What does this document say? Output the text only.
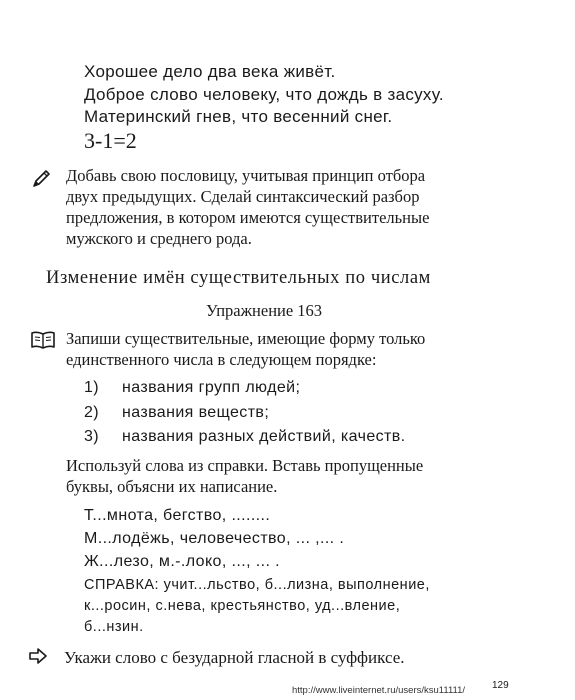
Хорошее дело два века живёт.
Доброе слово человеку, что дождь в засуху.
Материнский гнев, что весенний снег.
3-1=2
Добавь свою пословицу, учитывая принцип отбора
двух предыдущих. Сделай синтаксический разбор
предложения, в котором имеются существительные
мужского и среднего рода.
Изменение имён существительных по числам
Упражнение 163
Запиши существительные, имеющие форму только
единственного числа в следующем порядке:
1) названия групп людей;
2) названия веществ;
3) названия разных действий, качеств.
Используй слова из справки. Вставь пропущенные
буквы, объясни их написание.
Т...мнота, бегство, ........
М...лодёжь, человечество, ... ,... .
Ж...лезо, м.-.локо, ..., ... .
СПРАВКА: учит...льство, б...лизна, выполнение,
к...росин, с.нева, крестьянство, уд...вление,
б...нзин.
Укажи слово с безударной гласной в суффиксе.
129
http://www.liveinternet.ru/users/ksu11111/
